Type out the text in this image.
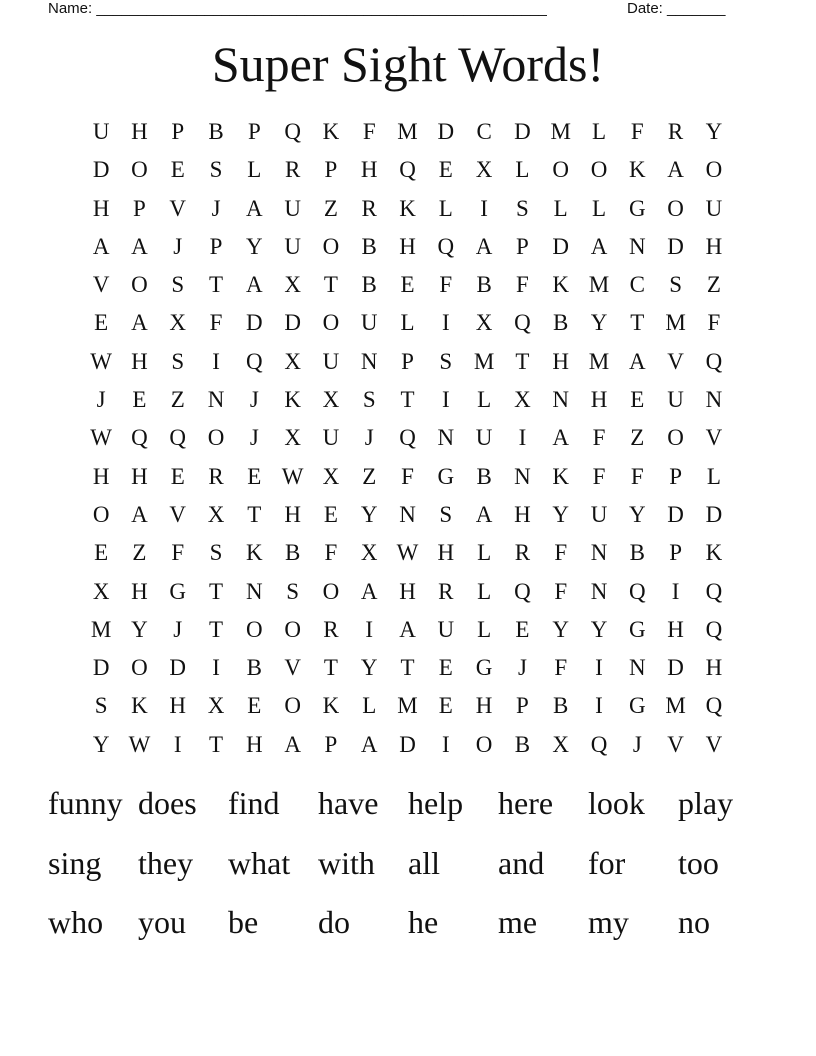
Name: ______________________________________________________	Date: _______
Super Sight Words!
U H	P	B	P	Q K	F M D C D M L	F	R Y
D O E	S	L	R	P	H Q E X L O O K A O
H	P	V	J	A U Z	R K L	I	S	L	L G O U
A A	J	P	Y U O B H Q A	P	D A N D H
V O	S	T A X T	B	E	F	B	F	K M C	S	Z
E A X	F	D D O U L	I	X Q B Y T M F
W H	S	I	Q X U N	P	S M T H M A V Q
J	E	Z N	J	K X	S	T	I	L X N H E U N
W Q Q O	J	X U	J	Q N U	I	A	F	Z O V
H H E	R	E W X Z	F	G B N K	F	F	P	L
O A V X T H E Y N	S	A H Y U Y D D
E	Z	F	S	K B	F	X W H L	R	F	N B	P	K
X H G T N	S	O A H R	L Q	F	N Q	I	Q
M Y	J	T O O R	I	A U L	E Y Y G H Q
D O D	I	B V T Y T	E G	J	F	I	N D H
S	K H X E O K L M E H	P	B	I	G M Q
Y W	I	T H A	P	A D	I	O B X Q	J	V V
funny does find	have help	here	look	play
sing	they	what with	all	and	for	too
who	you	be	do	he	me	my	no
